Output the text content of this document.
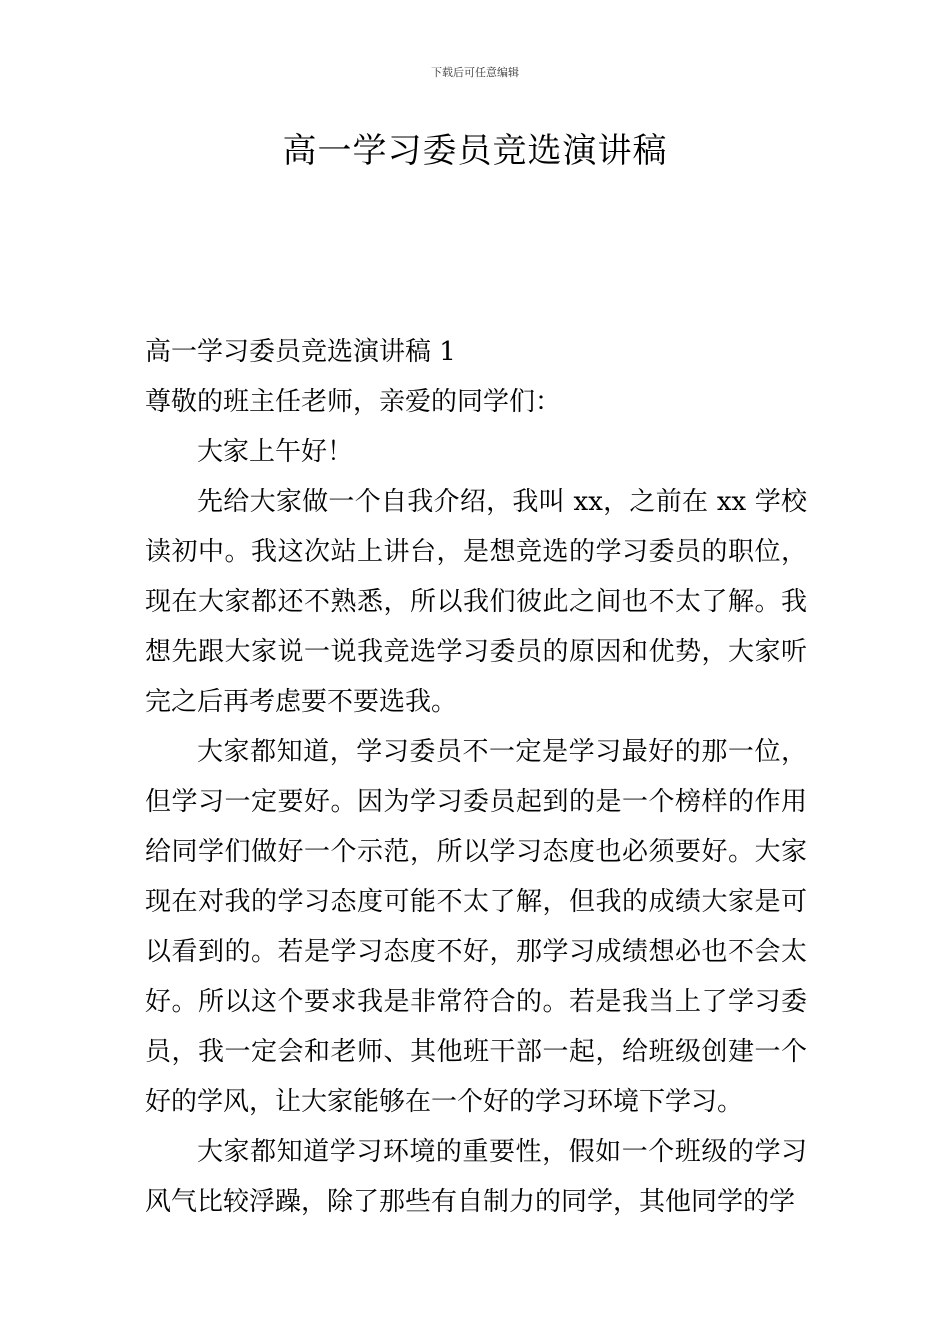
下载后可任意编辑
高一学习委员竞选演讲稿

高一学习委员竞选演讲稿 1

尊敬的班主任老师，亲爱的同学们：

大家上午好！

先给大家做一个自我介绍，我叫 xx，之前在 xx 学校读初中。我这次站上讲台，是想竞选的学习委员的职位，现在大家都还不熟悉，所以我们彼此之间也不太了解。我想先跟大家说一说我竞选学习委员的原因和优势，大家听完之后再考虑要不要选我。

大家都知道，学习委员不一定是学习最好的那一位，但学习一定要好。因为学习委员起到的是一个榜样的作用给同学们做好一个示范，所以学习态度也必须要好。大家现在对我的学习态度可能不太了解，但我的成绩大家是可以看到的。若是学习态度不好，那学习成绩想必也不会太好。所以这个要求我是非常符合的。若是我当上了学习委员，我一定会和老师、其他班干部一起，给班级创建一个好的学风，让大家能够在一个好的学习环境下学习。

大家都知道学习环境的重要性，假如一个班级的学习风气比较浮躁，除了那些有自制力的同学，其他同学的学
